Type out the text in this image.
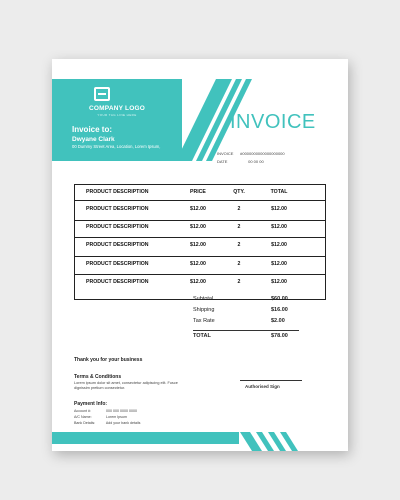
COMPANY LOGO
YOUR TAG LINE HERE
Invoice to:
Dwyane Clark
00 Dummy Street Area, Location, Lorem Ipsum,
INVOICE
INVOICE #0000000000000000000
DATE	00 00 00
PRODUCT DESCRIPTION	PRICE	QTY.	TOTAL
PRODUCT DESCRIPTION	$12.00	2	$12.00
PRODUCT DESCRIPTION	$12.00	2	$12.00
PRODUCT DESCRIPTION	$12.00	2	$12.00
PRODUCT DESCRIPTION	$12.00	2	$12.00
PRODUCT DESCRIPTION	$12.00	2	$12.00
Subtotal	$60.00
Shipping	$16.00
Tax Rate	$2.00
TOTAL	$78.00
Thank you for your business
Terms & Conditions
Lorem ipsum dolor sit amet, consectetur adipiscing elit. Fusce dignissim pretium consectetur.	Authorised Sign
Payment Info:
Account #:	000 000 0000 0000
A/C Name:	Lorem Ipsum
Bank Details:	Add your bank details
